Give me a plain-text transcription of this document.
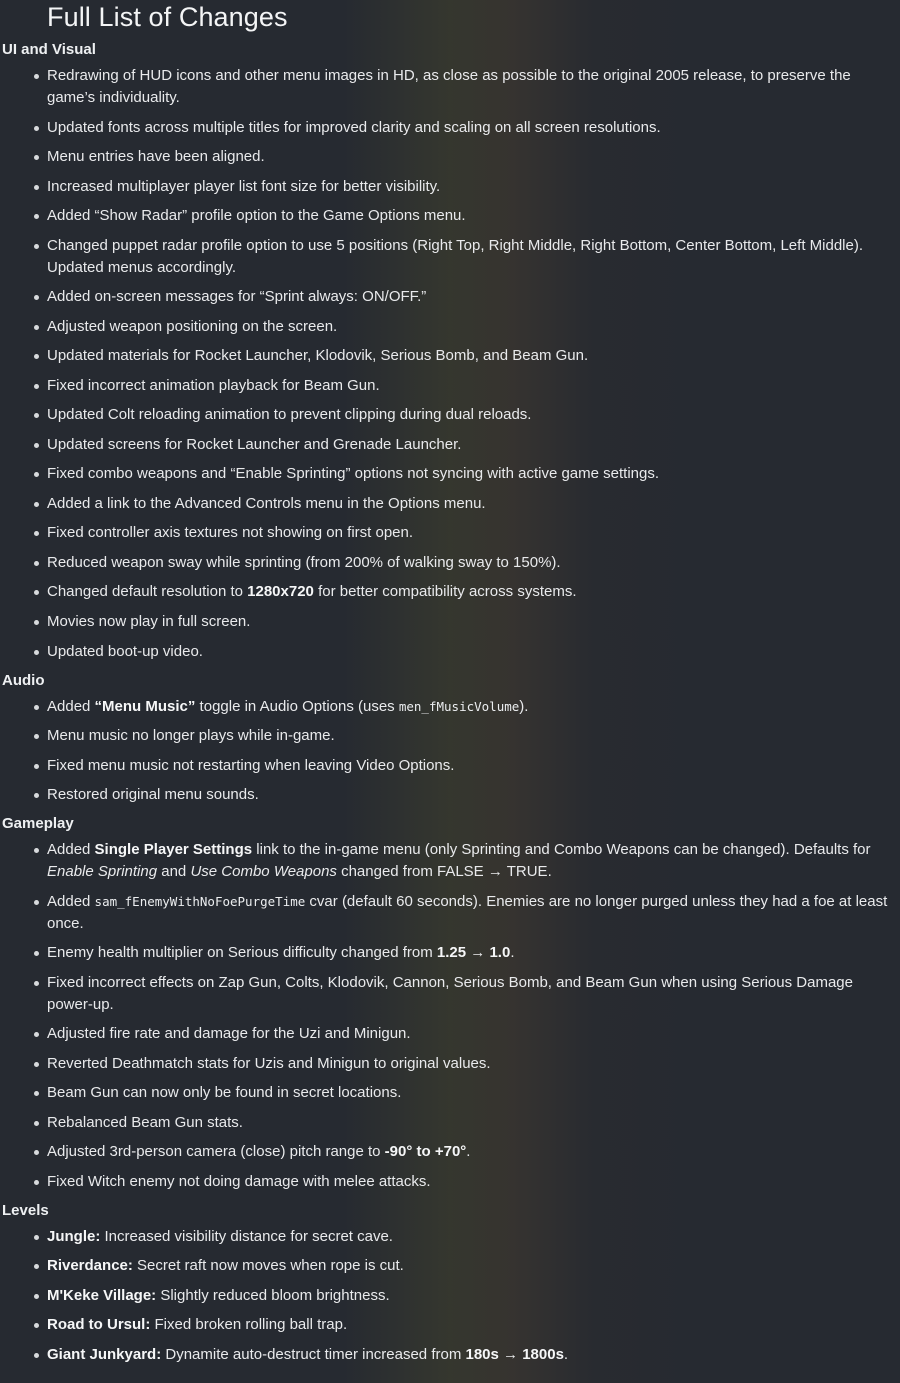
Full List of Changes
UI and Visual
Redrawing of HUD icons and other menu images in HD, as close as possible to the original 2005 release, to preserve the game’s individuality.
Updated fonts across multiple titles for improved clarity and scaling on all screen resolutions.
Menu entries have been aligned.
Increased multiplayer player list font size for better visibility.
Added “Show Radar” profile option to the Game Options menu.
Changed puppet radar profile option to use 5 positions (Right Top, Right Middle, Right Bottom, Center Bottom, Left Middle). Updated menus accordingly.
Added on-screen messages for “Sprint always: ON/OFF.”
Adjusted weapon positioning on the screen.
Updated materials for Rocket Launcher, Klodovik, Serious Bomb, and Beam Gun.
Fixed incorrect animation playback for Beam Gun.
Updated Colt reloading animation to prevent clipping during dual reloads.
Updated screens for Rocket Launcher and Grenade Launcher.
Fixed combo weapons and “Enable Sprinting” options not syncing with active game settings.
Added a link to the Advanced Controls menu in the Options menu.
Fixed controller axis textures not showing on first open.
Reduced weapon sway while sprinting (from 200% of walking sway to 150%).
Changed default resolution to 1280x720 for better compatibility across systems.
Movies now play in full screen.
Updated boot-up video.
Audio
Added “Menu Music” toggle in Audio Options (uses men_fMusicVolume).
Menu music no longer plays while in-game.
Fixed menu music not restarting when leaving Video Options.
Restored original menu sounds.
Gameplay
Added Single Player Settings link to the in-game menu (only Sprinting and Combo Weapons can be changed). Defaults for Enable Sprinting and Use Combo Weapons changed from FALSE → TRUE.
Added sam_fEnemyWithNoFoePurgeTime cvar (default 60 seconds). Enemies are no longer purged unless they had a foe at least once.
Enemy health multiplier on Serious difficulty changed from 1.25 → 1.0.
Fixed incorrect effects on Zap Gun, Colts, Klodovik, Cannon, Serious Bomb, and Beam Gun when using Serious Damage power-up.
Adjusted fire rate and damage for the Uzi and Minigun.
Reverted Deathmatch stats for Uzis and Minigun to original values.
Beam Gun can now only be found in secret locations.
Rebalanced Beam Gun stats.
Adjusted 3rd-person camera (close) pitch range to -90° to +70°.
Fixed Witch enemy not doing damage with melee attacks.
Levels
Jungle: Increased visibility distance for secret cave.
Riverdance: Secret raft now moves when rope is cut.
M'Keke Village: Slightly reduced bloom brightness.
Road to Ursul: Fixed broken rolling ball trap.
Giant Junkyard: Dynamite auto-destruct timer increased from 180s → 1800s.
